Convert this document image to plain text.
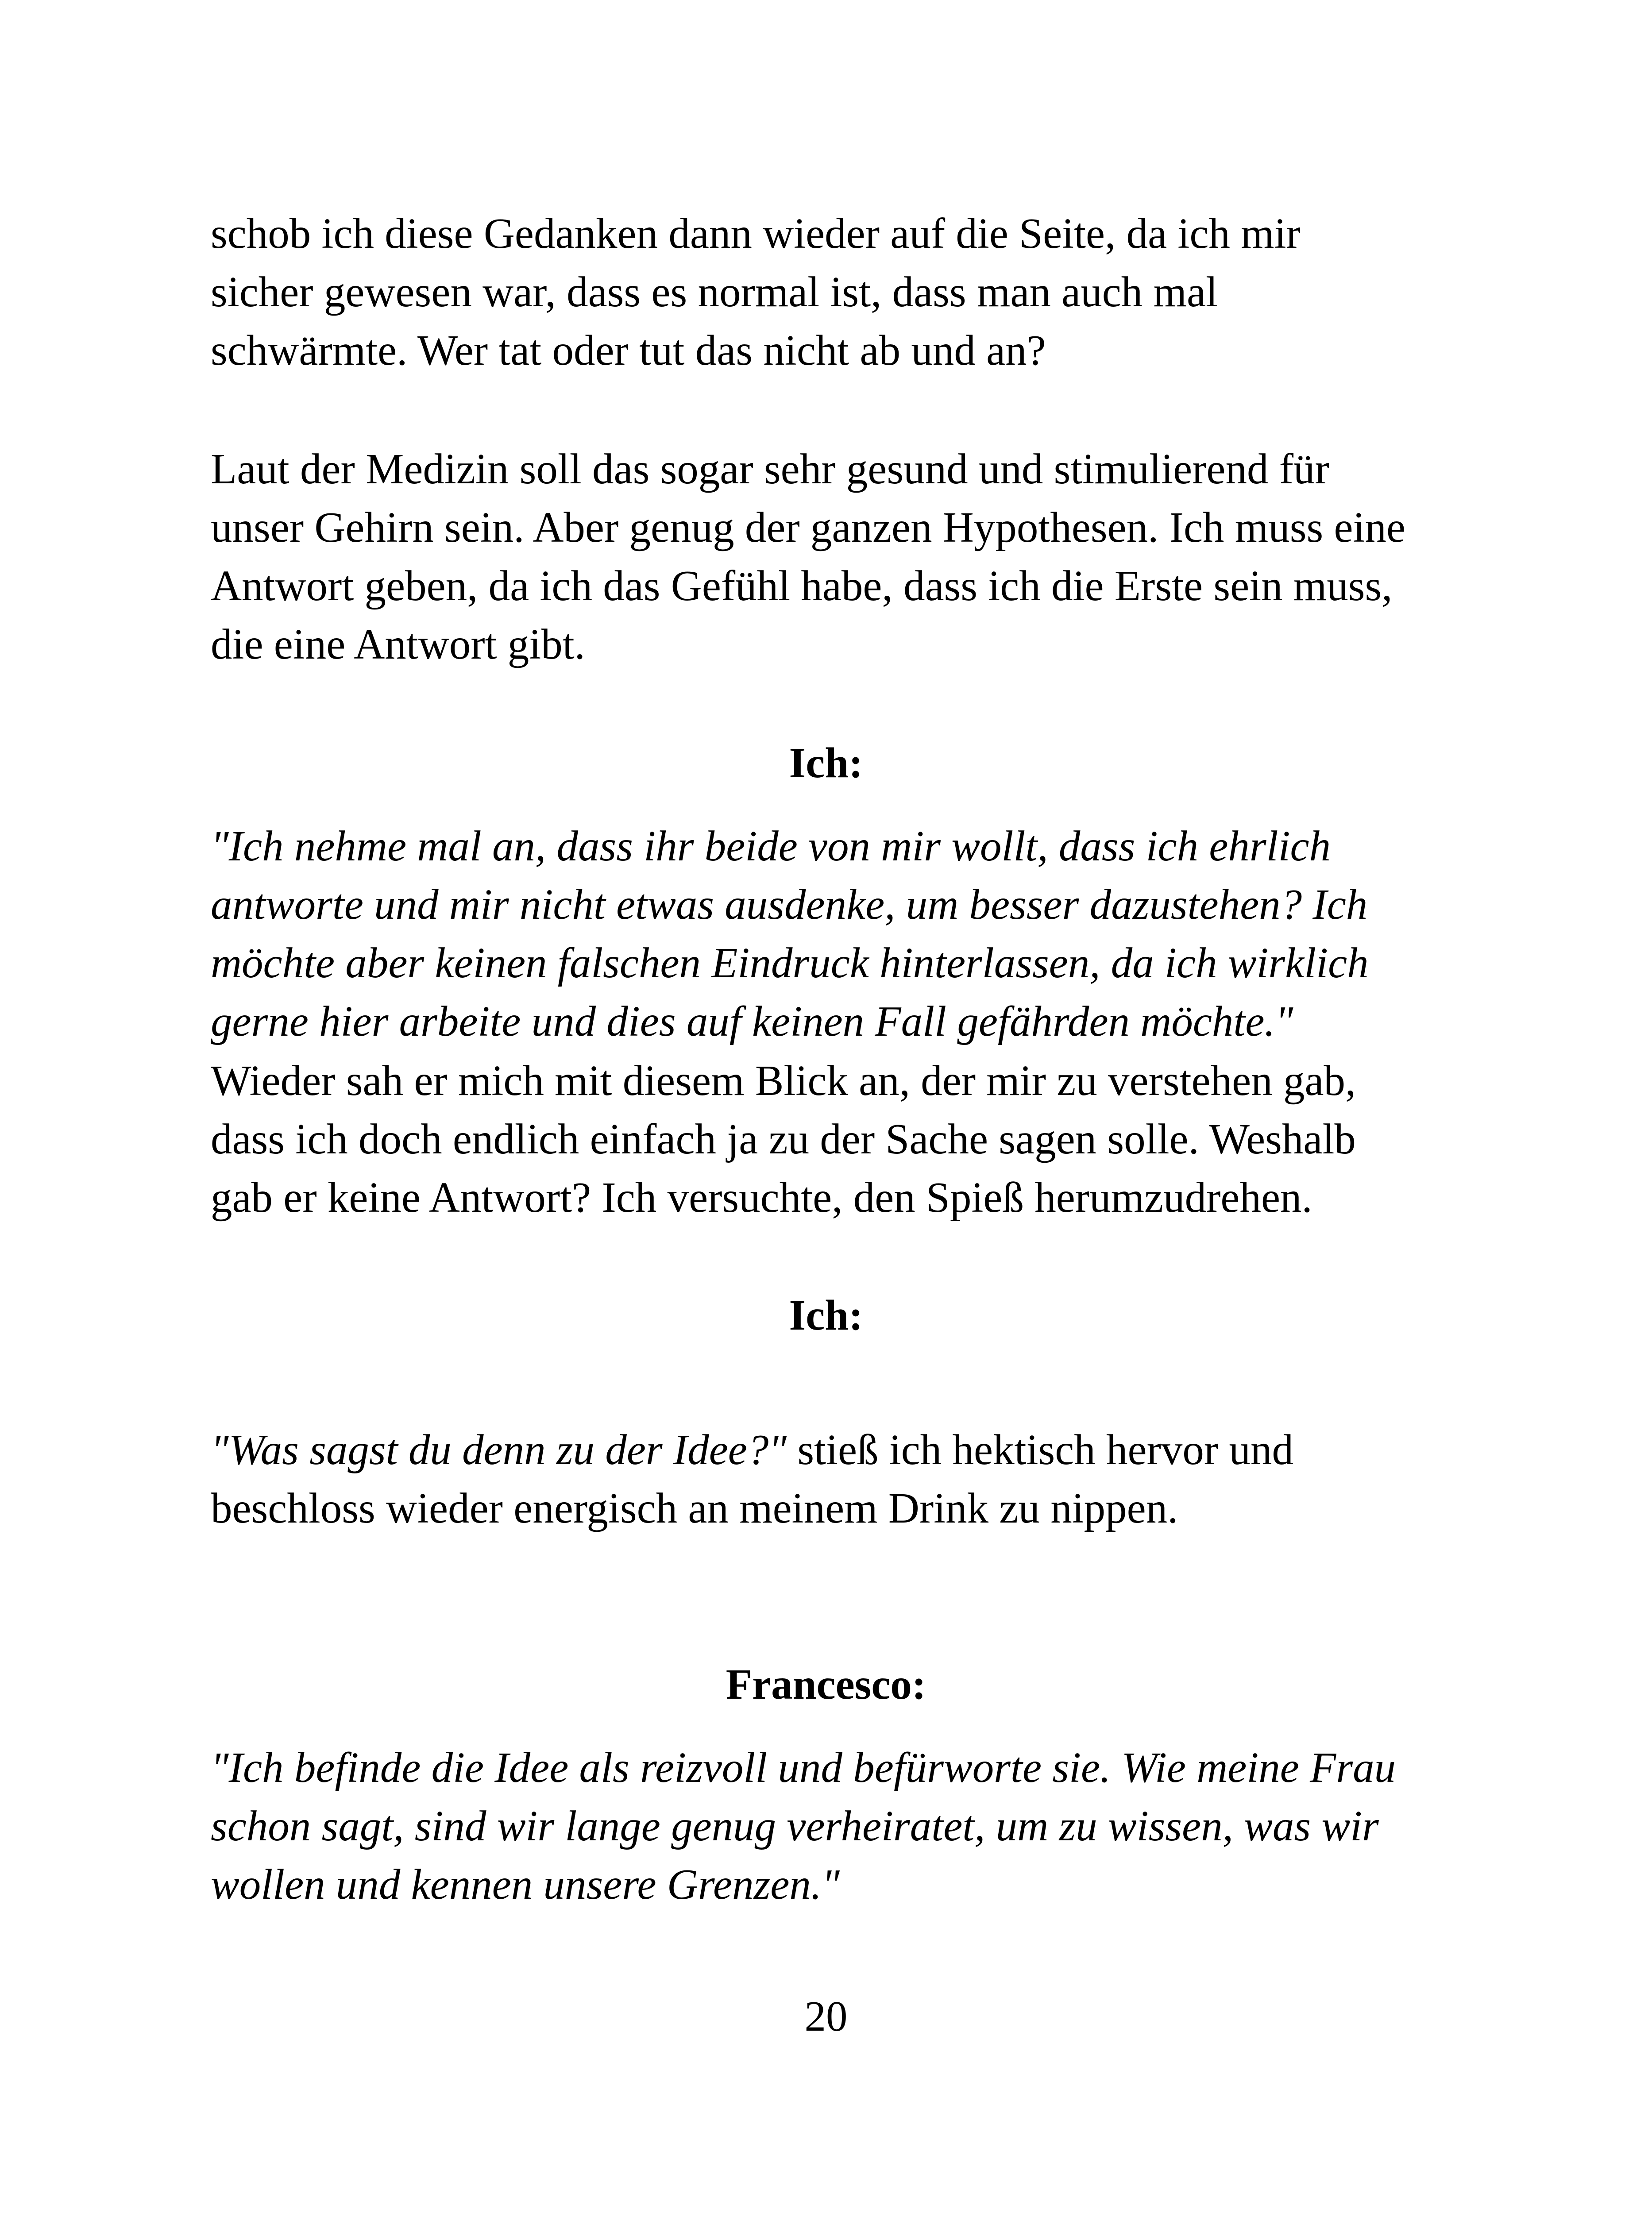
schob ich diese Gedanken dann wieder auf die Seite, da ich mir
sicher gewesen war, dass es normal ist, dass man auch mal
schwärmte. Wer tat oder tut das nicht ab und an?

Laut der Medizin soll das sogar sehr gesund und stimulierend für
unser Gehirn sein. Aber genug der ganzen Hypothesen. Ich muss eine
Antwort geben, da ich das Gefühl habe, dass ich die Erste sein muss,
die eine Antwort gibt.

Ich:

"Ich nehme mal an, dass ihr beide von mir wollt, dass ich ehrlich
antworte und mir nicht etwas ausdenke, um besser dazustehen? Ich
möchte aber keinen falschen Eindruck hinterlassen, da ich wirklich
gerne hier arbeite und dies auf keinen Fall gefährden möchte."

Wieder sah er mich mit diesem Blick an, der mir zu verstehen gab,
dass ich doch endlich einfach ja zu der Sache sagen solle. Weshalb
gab er keine Antwort? Ich versuchte, den Spieß herumzudrehen.

Ich:

"Was sagst du denn zu der Idee?" stieß ich hektisch hervor und
beschloss wieder energisch an meinem Drink zu nippen.

Francesco:

"Ich befinde die Idee als reizvoll und befürworte sie. Wie meine Frau
schon sagt, sind wir lange genug verheiratet, um zu wissen, was wir
wollen und kennen unsere Grenzen."

20
